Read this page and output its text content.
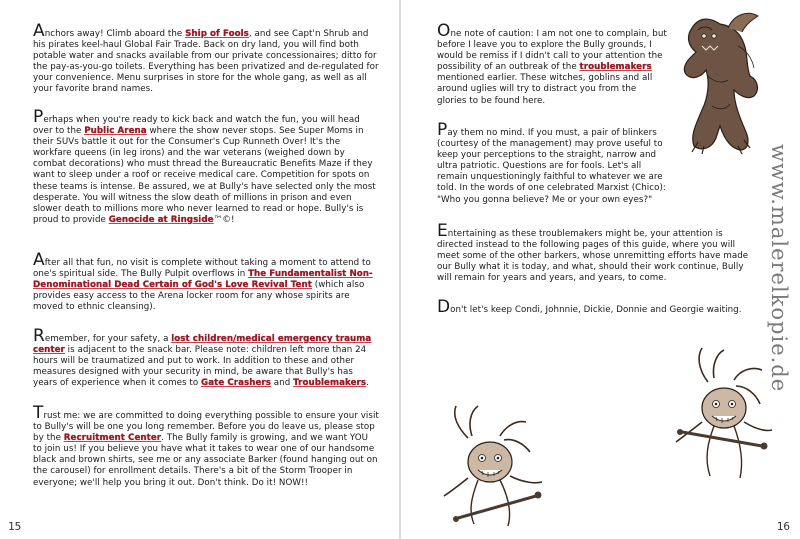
Anchors away! Climb aboard the Ship of Fools, and see Capt'n Shrub and his pirates keel-haul Global Fair Trade. Back on dry land, you will find both potable water and snacks available from our private concessionaires; ditto for the pay-as-you-go toilets. Everything has been privatized and de-regulated for your convenience. Menu surprises in store for the whole gang, as well as all your favorite brand names.
Perhaps when you're ready to kick back and watch the fun, you will head over to the Public Arena where the show never stops. See Super Moms in their SUVs battle it out for the Consumer's Cup Runneth Over! It's the workfare queens (in leg irons) and the war veterans (weighed down by combat decorations) who must thread the Bureaucratic Benefits Maze if they want to sleep under a roof or receive medical care. Competition for spots on these teams is intense. Be assured, we at Bully's have selected only the most desperate. You will witness the slow death of millions in prison and even slower death to millions more who never learned to read or hope. Bully's is proud to provide Genocide at Ringside™©!
After all that fun, no visit is complete without taking a moment to attend to one's spiritual side. The Bully Pulpit overflows in The Fundamentalist Non-Denominational Dead Certain of God's Love Revival Tent (which also provides easy access to the Arena locker room for any whose spirits are moved to ethnic cleansing).
Remember, for your safety, a lost children/medical emergency trauma center is adjacent to the snack bar. Please note: children left more than 24 hours will be traumatized and put to work. In addition to these and other measures designed with your security in mind, be aware that Bully's has years of experience when it comes to Gate Crashers and Troublemakers.
Trust me: we are committed to doing everything possible to ensure your visit to Bully's will be one you long remember. Before you do leave us, please stop by the Recruitment Center. The Bully family is growing, and we want YOU to join us! If you believe you have what it takes to wear one of our handsome black and brown shirts, see me or any associate Barker (found hanging out on the carousel) for enrollment details. There's a bit of the Storm Trooper in everyone; we'll help you bring it out. Don't think. Do it! NOW!!
15
One note of caution: I am not one to complain, but before I leave you to explore the Bully grounds, I would be remiss if I didn't call to your attention the possibility of an outbreak of the troublemakers mentioned earlier. These witches, goblins and all around uglies will try to distract you from the glories to be found here.
Pay them no mind. If you must, a pair of blinkers (courtesy of the management) may prove useful to keep your perceptions to the straight, narrow and ultra patriotic. Questions are for fools. Let's all remain unquestioningly faithful to whatever we are told. In the words of one celebrated Marxist (Chico): "Who you gonna believe? Me or your own eyes?"
Entertaining as these troublemakers might be, your attention is directed instead to the following pages of this guide, where you will meet some of the other barkers, whose unremitting efforts have made our Bully what it is today, and what, should their work continue, Bully will remain for years and years, and years, to come.
Don't let's keep Condi, Johnnie, Dickie, Donnie and Georgie waiting.
16
www.malerelkopie.de
